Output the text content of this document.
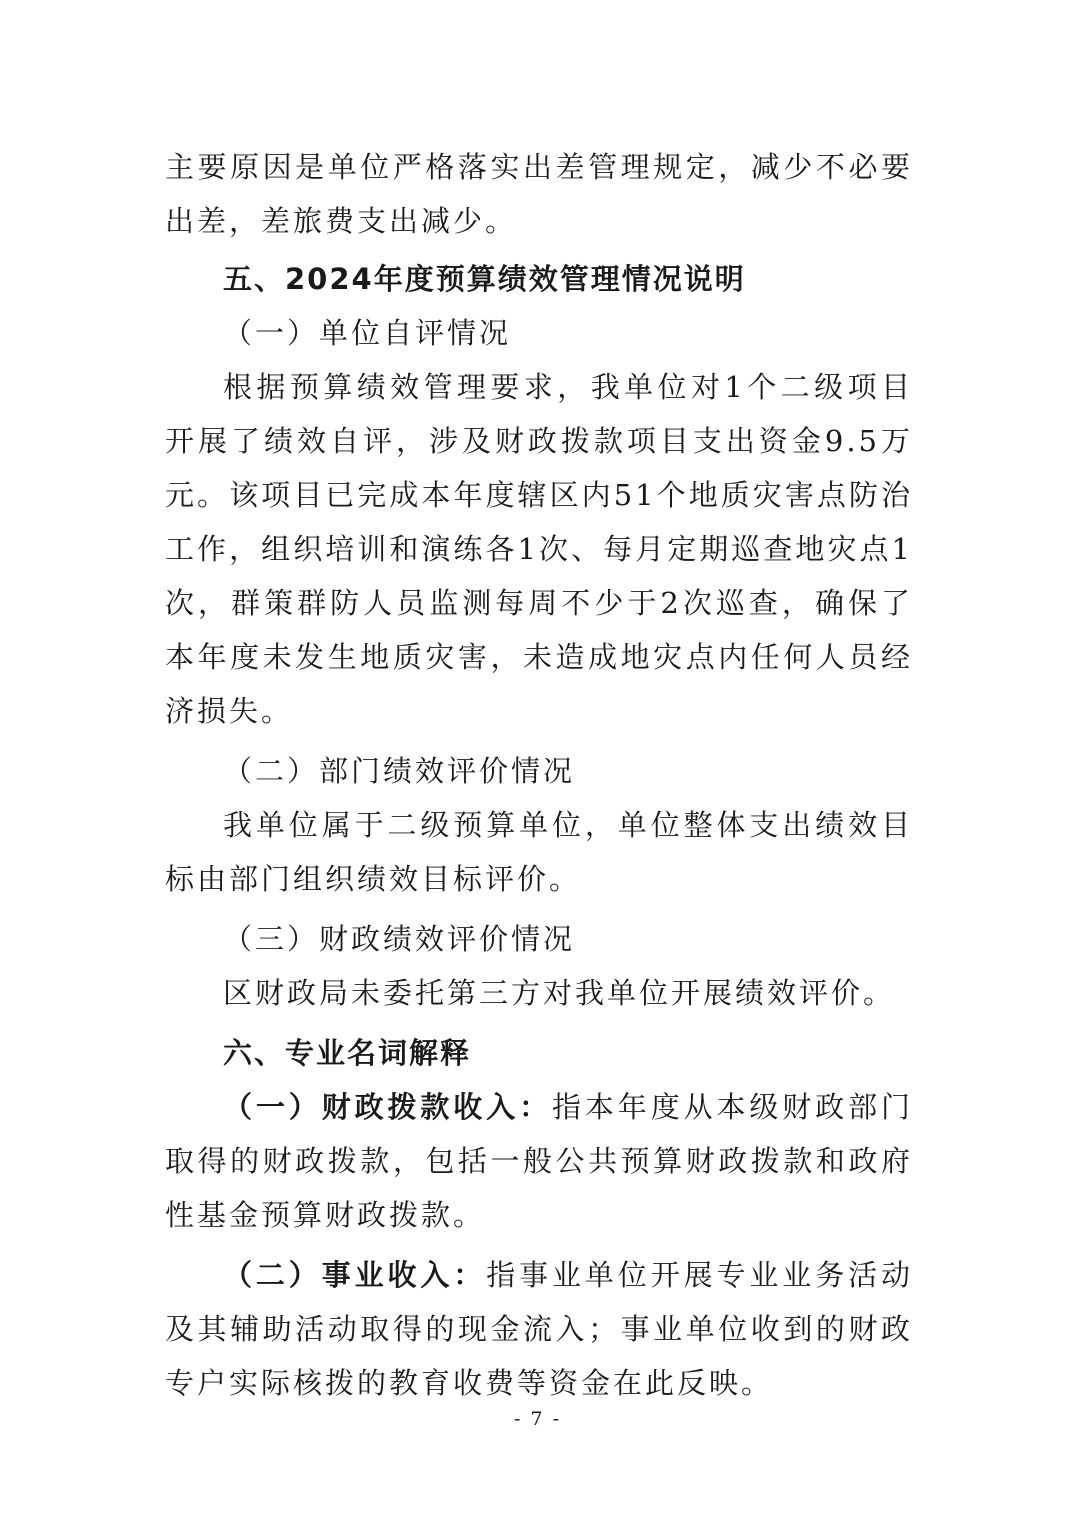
主要原因是单位严格落实出差管理规定，减少不必要出差，差旅费支出减少。

五、2024年度预算绩效管理情况说明

（一）单位自评情况

根据预算绩效管理要求，我单位对1个二级项目开展了绩效自评，涉及财政拨款项目支出资金9.5万元。该项目已完成本年度辖区内51个地质灾害点防治工作，组织培训和演练各1次、每月定期巡查地灾点1次，群策群防人员监测每周不少于2次巡查，确保了本年度未发生地质灾害，未造成地灾点内任何人员经济损失。

（二）部门绩效评价情况

我单位属于二级预算单位，单位整体支出绩效目标由部门组织绩效目标评价。

（三）财政绩效评价情况

区财政局未委托第三方对我单位开展绩效评价。

六、专业名词解释

（一）财政拨款收入：指本年度从本级财政部门取得的财政拨款，包括一般公共预算财政拨款和政府性基金预算财政拨款。

（二）事业收入：指事业单位开展专业业务活动及其辅助活动取得的现金流入；事业单位收到的财政专户实际核拨的教育收费等资金在此反映。

- 7 -
